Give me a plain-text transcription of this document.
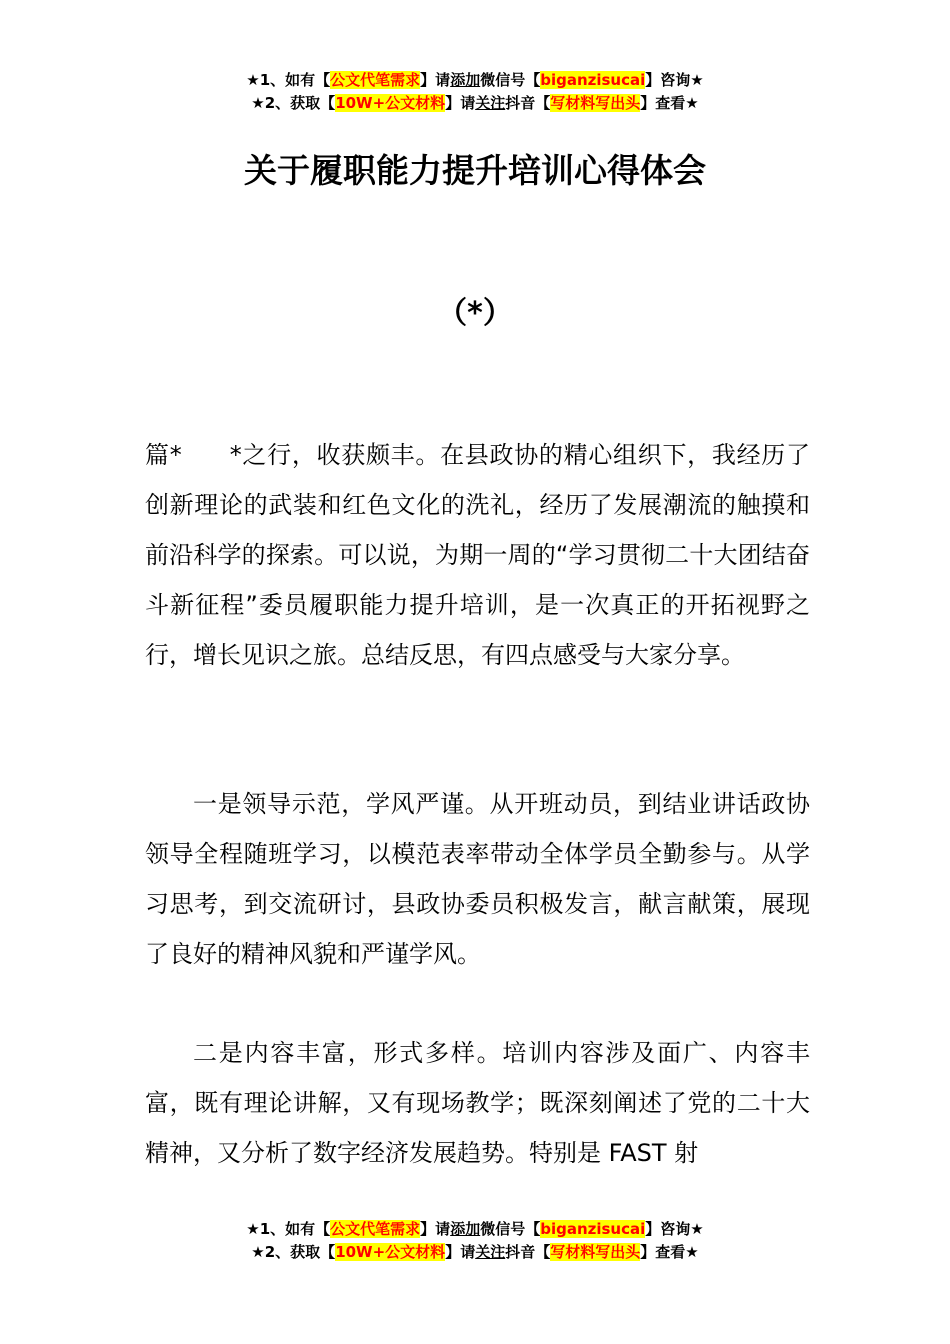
★1、如有【公文代笔需求】请添加微信号【biganzisucai】咨询★
★2、获取【10W+公文材料】请关注抖音【写材料写出头】查看★
关于履职能力提升培训心得体会
（*）

篇* *之行，收获颇丰。在县政协的精心组织下，我经历了创新理论的武装和红色文化的洗礼，经历了发展潮流的触摸和前沿科学的探索。可以说，为期一周的“学习贯彻二十大团结奋斗新征程”委员履职能力提升培训，是一次真正的开拓视野之行，增长见识之旅。总结反思，有四点感受与大家分享。

一是领导示范，学风严谨。从开班动员，到结业讲话政协领导全程随班学习，以模范表率带动全体学员全勤参与。从学习思考，到交流研讨，县政协委员积极发言，献言献策，展现了良好的精神风貌和严谨学风。

二是内容丰富，形式多样。培训内容涉及面广、内容丰富，既有理论讲解，又有现场教学；既深刻阐述了党的二十大精神，又分析了数字经济发展趋势。特别是 FAST 射

★1、如有【公文代笔需求】请添加微信号【biganzisucai】咨询★
★2、获取【10W+公文材料】请关注抖音【写材料写出头】查看★
